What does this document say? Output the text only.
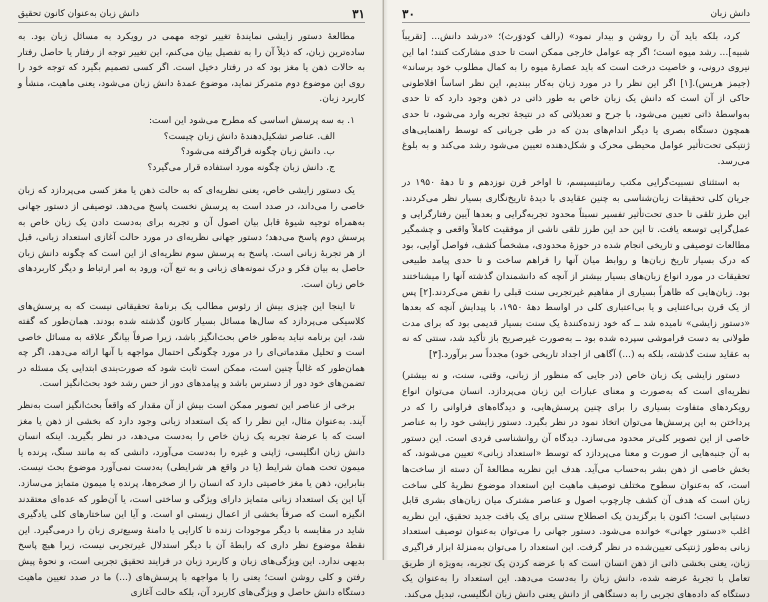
۳۱
دانش زبان به‌عنوان کانون تحقیق

مطالعهٔ دستور زایشی نمایندهٔ تغییر توجه مهمی در رویکرد به مسائل زبان بود. به ساده‌ترین زبان، که ذیلاً آن را به تفصیل بیان می‌کنم، این تغییر توجه از رفتار یا حاصل رفتار به حالات ذهن یا مغز بود که در رفتار دخیل است. اگر کسی تصمیم بگیرد که توجه خود را روی این موضوع دوم متمرکز نماید، موضوع عمدهٔ دانش زبان می‌شود، یعنی ماهیت، منشأ و کاربرد زبان.

۱. به سه پرسش اساسی که مطرح می‌شود این است:
الف. عناصر تشکیل‌دهندهٔ دانش زبان چیست؟
ب. دانش زبان چگونه فراگرفته می‌شود؟
ج. دانش زبان چگونه مورد استفاده قرار می‌گیرد؟

یک دستور زایشی خاص، یعنی نظریه‌ای که به حالت ذهن یا مغز کسی می‌پردازد که زبان خاصی را می‌داند، در صدد است به پرسش نخست پاسخ می‌دهد. توصیفی از دستور جهانی به‌همراه توجیه شیوهٔ قابل بیان اصول آن و تجربه برای به‌دست دادن یک زبان خاص به پرسش دوم پاسخ می‌دهد؛ دستور جهانی نظریه‌ای در مورد حالت آغازی استعداد زبانی، قبل از هر تجربهٔ زبانی است. پاسخ به پرسش سوم نظریه‌ای از این است که چگونه دانش زبان حاصل به بیان فکر و درک نمونه‌های زبانی و به تبع آن، ورود به امر ارتباط و دیگر کاربردهای خاص زبان است.

تا اینجا این چیزی بیش از رئوس مطالب یک برنامهٔ تحقیقاتی نیست که به پرسش‌های کلاسیکی می‌پردازد که سال‌ها مسائل بسیار کانون گذشته شده بودند. همان‌طور که گفته شد، این برنامه نباید به‌طور خاص بحث‌انگیز باشد، زیرا صرفاً بیانگر علاقه به مسائل خاصی است و تحلیل مقدماتی‌ای را در مورد چگونگی احتمال مواجهه با آنها ارائه می‌دهد، اگر چه همان‌طور که غالباً چنین است، ممکن است ثابت شود که صورت‌بندی ابتدایی یک مسئله در تضمن‌های خود دور از دسترس باشد و پیامدهای دور از حس رشد خود بحث‌انگیز است.

برخی از عناصر این تصویر ممکن است بیش از آن مقدار که واقعاً بحث‌انگیز است به‌نظر آیند. به‌عنوان مثال، این نظر را که یک استعداد زبانی وجود دارد که بخشی از ذهن یا مغز است که با عرضهٔ تجربه یک زبان خاص را به‌دست می‌دهد، در نظر بگیرید. اینکه انسان دانش زبان انگلیسی، ژاپنی و غیره را به‌دست می‌آورد، دانشی که به مانند سنگ، پرنده یا میمون تحت همان شرایط (یا در واقع هر شرایطی) به‌دست نمی‌آورد موضوع بحث نیست. بنابراین، ذهن یا مغز خاصیتی دارد که انسان را از صخره‌ها، پرنده یا میمون متمایز می‌سازد. آیا این یک استعداد زبانی متمایز دارای ویژگی و ساختی است، یا آن‌طور که عده‌ای معتقدند انگیزه است که صرفاً بخشی از اعمال زیستی او است. و آیا این ساختارهای کلی یادگیری شاید در مقایسه با دیگر موجودات زنده تا کارایی یا دامنهٔ وسیع‌تری زبان را درمی‌گیرد. این نقطهٔ موضوع نظر داری که رابطهٔ آن با دیگر استدلال غیرتجربی نیست، زیرا هیچ پاسخ بدیهی ندارد. این ویژگی‌های زبان و کاربرد زبان در فرایند تحقیق تجربی است، و نحوهٔ پیش رفتن و کلی روشن است؛ یعنی را با مواجهه با پرسش‌های (...) ما در صدد تعیین ماهیت دستگاه دانش حاصل و ویژگی‌های کاربرد آن، بلکه حالت آغازی

دانش زبان
۳۰

کرد، بلکه باید آن را روشن و بیدار نمود» (رالف کودوَرث)؛ «درشد دانش... [تقریباً شبیه]... رشد میوه است؛ اگر چه عوامل خارجی ممکن است تا حدی مشارکت کنند؛ اما این نیروی درونی، و خاصیت درخت است که باید عصارهٔ میوه را به کمال مطلوب خود برساند» (جیمز هریس).[۱] اگر این نظر را در مورد زبان به‌کار ببندیم، این نظر اساساً افلاطونی حاکی از آن است که دانش یک زبان خاص به طور ذاتی در ذهن وجود دارد که تا حدی به‌واسطهٔ ذاتی تعیین می‌شود، با جرح و تعدیلاتی که در نتیجهٔ تجربه وارد می‌شود، تا حدی همچون دستگاه بصری یا دیگر اندام‌های بدن که در طی جریانی که توسط راهنمایی‌های ژنتیکی تحت‌تأثیر عوامل محیطی محرک و شکل‌دهنده تعیین می‌شود رشد می‌کند و به بلوغ می‌رسد.

به استثنای نسبیت‌گرایی مکتب رمانتیسیسم، تا اواخر قرن نوزدهم و تا دههٔ ۱۹۵۰ در جریان کلی تحقیقات زبان‌شناسی به چنین عقایدی با دیدهٔ تاریخ‌نگاری بسیار نظر می‌کردند. این طرز تلقی تا حدی تحت‌تأثیر تفسیر نسبتاً محدود تجربه‌گرایی و بعدها آیین رفتارگرایی و عمل‌گرایی توسعه یافت. تا این حد این طرز تلقی ناشی از موفقیت کاملاً واقعی و چشمگیر مطالعات توصیفی و تاریخی انجام شده در حوزهٔ محدودی، مشخصاً کشف، فواصل آوایی، بود که درک بسیار تاریخ زبان‌ها و روابط میان آنها را فراهم ساخت و تا حدی پیامد طبیعی تحقیقات در مورد انواع زبان‌های بسیار بیشتر از آنچه که دانشمندان گذشته آنها را میشناختند بود. زبان‌هایی که ظاهراً بسیاری از مفاهیم غیرتجربی سنت قبلی را نقض می‌کردند.[۲] پس از یک قرن بی‌اعتنایی و یا بی‌اعتباری کلی در اواسط دههٔ ۱۹۵۰، با پیدایش آنچه که بعدها «دستور زایشی» نامیده شد ــ که خود زنده‌کنندهٔ یک سنت بسیار قدیمی بود که برای مدت طولانی به دست فراموشی سپرده شده بود ــ به‌صورت غیرصریح باز تأکید شد، سنتی که نه به عقاید سنت گذشته، بلکه به (...) آگاهی از اجداد تاریخی خود) مجدداً سر برآورد.[۳]

دستور زایشی یک زبان خاص (در جایی که منظور از زبانی، وقتی، سنت، و نه بیشتر) نظریه‌ای است که به‌صورت و معنای عبارات این زبان می‌پردازد. انسان می‌توان انواع رویکردهای متفاوت بسیاری را برای چنین پرسش‌هایی، و دیدگاه‌های فراوانی را که در پرداختن به این پرسش‌ها می‌توان اتخاذ نمود در نظر بگیرد. دستور زایشی خود را به عناصر خاصی از این تصویر کلی‌تر محدود می‌سازد. دیدگاه آن روانشناسی فردی است. این دستور به آن جنبه‌هایی از صورت و معنا می‌پردازد که توسط «استعداد زبانی» تعیین می‌شوند، که بخش خاصی از ذهن بشر به‌حساب می‌آید. هدف این نظریه مطالعهٔ آن دسته از ساخت‌ها است، که به‌عنوان سطوح مختلف توصیف ماهیت این استعداد موضوع نظریهٔ کلی ساخت زبان است که هدف آن کشف چارچوب اصول و عناصر مشترک میان زبان‌های بشری قابل دستیابی است؛ اکنون با برگزیدن یک اصطلاح سنتی برای یک بافت جدید تحقیق، این نظریه اغلب «دستور جهانی» خوانده می‌شود. دستور جهانی را می‌توان به‌عنوان توصیف استعداد زبانی به‌طور ژنتیکی تعیین‌شده در نظر گرفت. این استعداد را می‌توان به‌منزلهٔ ابزار فراگیری زبان، یعنی بخشی ذاتی از ذهن انسان است که با عرضه کردن یک تجربه، به‌ویژه از طریق تعامل با تجربهٔ عرضه شده، دانش زبان را به‌دست می‌دهد. این استعداد را به‌عنوان یک دستگاه که داده‌های تجربی را به دستگاهی از دانش یعنی دانش زبان انگلیسی، تبدیل می‌کند.
